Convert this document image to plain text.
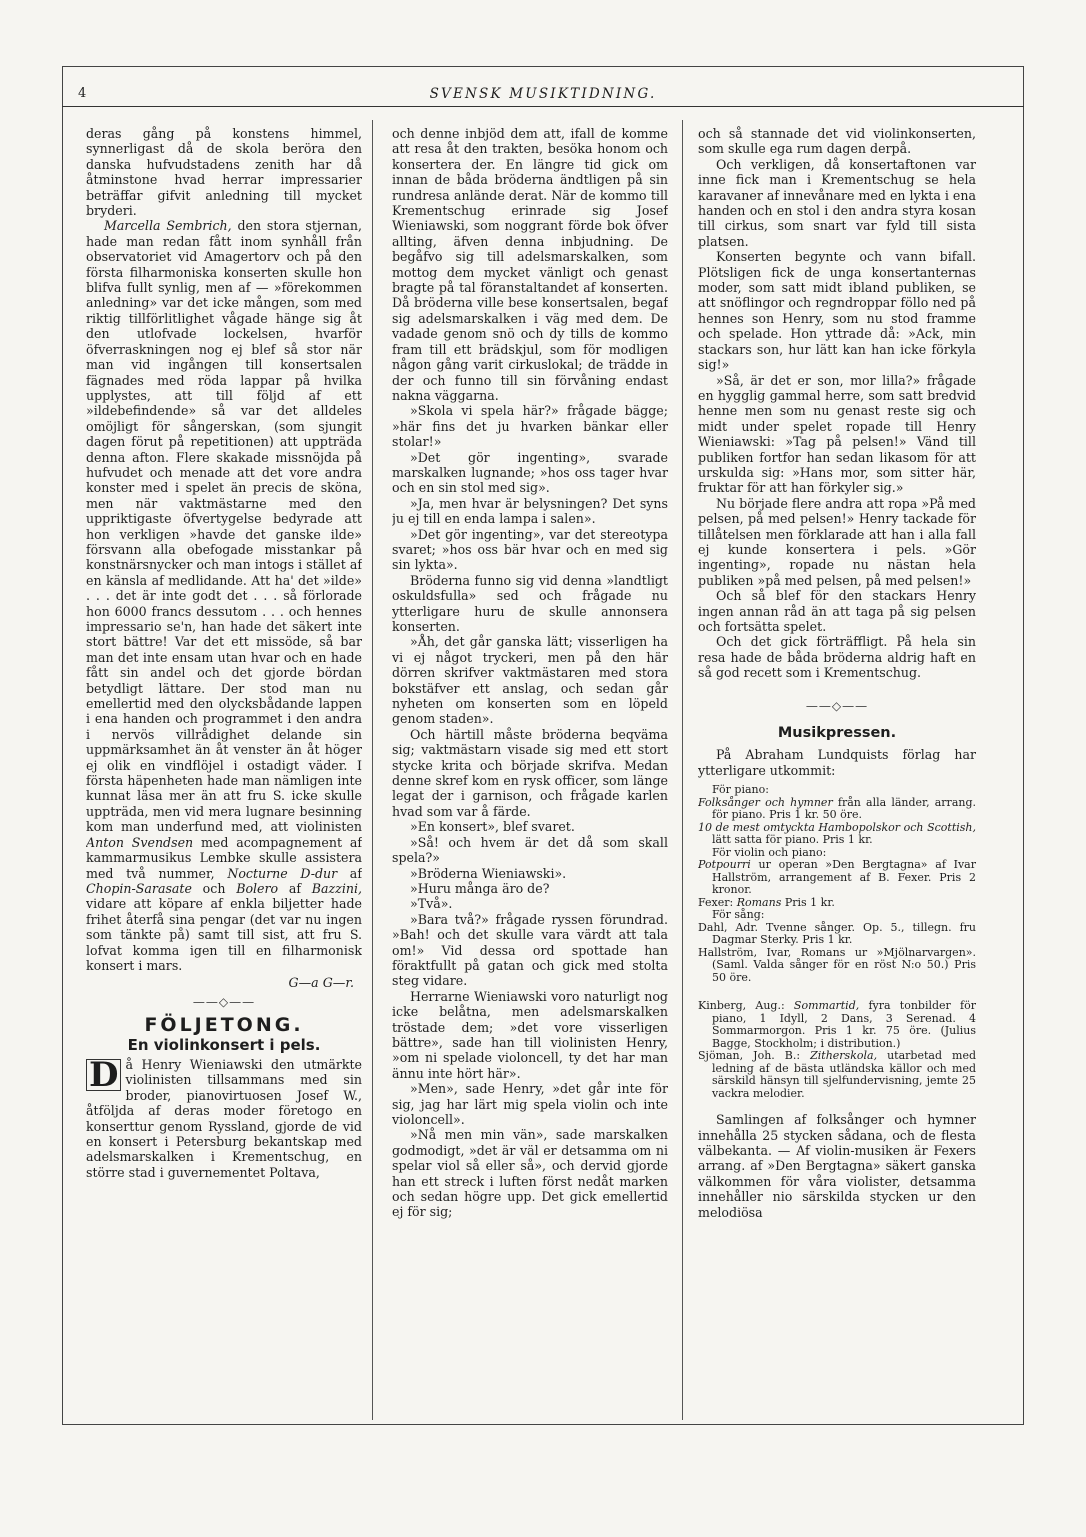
4	SVENSK MUSIKTIDNING.

deras gång på konstens himmel, synnerligast då de skola beröra den danska hufvudstadens zenith har då åtminstone hvad herrar impressarier beträffar gifvit anledning till mycket bryderi.

Marcella Sembrich, den stora stjernan, hade man redan fått inom synhåll från observatoriet vid Amagertorv och på den första filharmoniska konserten skulle hon blifva fullt synlig, men af — »förekommen anledning» var det icke mången, som med riktig tillförlitlighet vågade hänge sig åt den utlofvade lockelsen, hvarför öfverraskningen nog ej blef så stor när man vid ingången till konsertsalen fägnades med röda lappar på hvilka upplystes, att till följd af ett »ildebefindende» så var det alldeles omöjligt för sångerskan, (som sjungit dagen förut på repetitionen) att uppträda denna afton. Flere skakade missnöjda på hufvudet och menade att det vore andra konster med i spelet än precis de sköna, men när vaktmästarne med den uppriktigaste öfvertygelse bedyrade att hon verkligen »havde det ganske ilde» försvann alla obefogade misstankar på konstnärsnycker och man intogs i stället af en känsla af medlidande. Att ha' det »ilde» . . . det är inte godt det . . . så förlorade hon 6000 francs dessutom . . . och hennes impressario se'n, han hade det säkert inte stort bättre! Var det ett missöde, så bar man det inte ensam utan hvar och en hade fått sin andel och det gjorde bördan betydligt lättare. Der stod man nu emellertid med den olycksbådande lappen i ena handen och programmet i den andra i nervös villrådighet delande sin uppmärksamhet än åt venster än åt höger ej olik en vindflöjel i ostadigt väder. I första häpenheten hade man nämligen inte kunnat läsa mer än att fru S. icke skulle uppträda, men vid mera lugnare besinning kom man underfund med, att violinisten Anton Svendsen med acompagnement af kammarmusikus Lembke skulle assistera med två nummer, Nocturne D-dur af Chopin-Sarasate och Bolero af Bazzini, vidare att köpare af enkla biljetter hade frihet återfå sina pengar (det var nu ingen som tänkte på) samt till sist, att fru S. lofvat komma igen till en filharmonisk konsert i mars.

G—a G—r.
——◇——
FÖLJETONG.
En violinkonsert i pels.

D å Henry Wieniawski den utmärkte violinisten tillsammans med sin broder, pianovirtuosen Josef W., åtföljda af deras moder företogo en konserttur genom Ryssland, gjorde de vid en konsert i Petersburg bekantskap med adelsmarskalken i Krementschug, en större stad i guvernementet Poltava,

och denne inbjöd dem att, ifall de komme att resa åt den trakten, besöka honom och konsertera der. En längre tid gick om innan de båda bröderna ändtligen på sin rundresa anlände derat. När de kommo till Krementschug erinrade sig Josef Wieniawski, som noggrant förde bok öfver allting, äfven denna inbjudning. De begåfvo sig till adelsmarskalken, som mottog dem mycket vänligt och genast bragte på tal föranstaltandet af konserten. Då bröderna ville bese konsertsalen, begaf sig adelsmarskalken i väg med dem. De vadade genom snö och dy tills de kommo fram till ett brädskjul, som för modligen någon gång varit cirkuslokal; de trädde in der och funno till sin förvåning endast nakna väggarna.

»Skola vi spela här?» frågade bägge; »här fins det ju hvarken bänkar eller stolar!»

»Det gör ingenting», svarade marskalken lugnande; »hos oss tager hvar och en sin stol med sig».

»Ja, men hvar är belysningen? Det syns ju ej till en enda lampa i salen».

»Det gör ingenting», var det stereotypa svaret; »hos oss bär hvar och en med sig sin lykta».

Bröderna funno sig vid denna »landtligt oskuldsfulla» sed och frågade nu ytterligare huru de skulle annonsera konserten.

»Åh, det går ganska lätt; visserligen ha vi ej något tryckeri, men på den här dörren skrifver vaktmästaren med stora bokstäfver ett anslag, och sedan går nyheten om konserten som en löpeld genom staden».

Och härtill måste bröderna beqväma sig; vaktmästarn visade sig med ett stort stycke krita och började skrifva. Medan denne skref kom en rysk officer, som länge legat der i garnison, och frågade karlen hvad som var å färde.

»En konsert», blef svaret.

»Så! och hvem är det då som skall spela?»

»Bröderna Wieniawski».

»Huru många äro de?

»Två».

»Bara två?» frågade ryssen förundrad. »Bah! och det skulle vara värdt att tala om!» Vid dessa ord spottade han föraktfullt på gatan och gick med stolta steg vidare.

Herrarne Wieniawski voro naturligt nog icke belåtna, men adelsmarskalken tröstade dem; »det vore visserligen bättre», sade han till violinisten Henry, »om ni spelade violoncell, ty det har man ännu inte hört här».

»Men», sade Henry, »det går inte för sig, jag har lärt mig spela violin och inte violoncell».

»Nå men min vän», sade marskalken godmodigt, »det är väl er detsamma om ni spelar viol så eller så», och dervid gjorde han ett streck i luften först nedåt marken och sedan högre upp. Det gick emellertid ej för sig;

och så stannade det vid violinkonserten, som skulle ega rum dagen derpå.

Och verkligen, då konsertaftonen var inne fick man i Krementschug se hela karavaner af innevånare med en lykta i ena handen och en stol i den andra styra kosan till cirkus, som snart var fyld till sista platsen.

Konserten begynte och vann bifall. Plötsligen fick de unga konsertanternas moder, som satt midt ibland publiken, se att snöflingor och regndroppar föllo ned på hennes son Henry, som nu stod framme och spelade. Hon yttrade då: »Ack, min stackars son, hur lätt kan han icke förkyla sig!»

»Så, är det er son, mor lilla?» frågade en hygglig gammal herre, som satt bredvid henne men som nu genast reste sig och midt under spelet ropade till Henry Wieniawski: »Tag på pelsen!» Vänd till publiken fortfor han sedan likasom för att urskulda sig: »Hans mor, som sitter här, fruktar för att han förkyler sig.»

Nu började flere andra att ropa »På med pelsen, på med pelsen!» Henry tackade för tillåtelsen men förklarade att han i alla fall ej kunde konsertera i pels. »Gör ingenting», ropade nu nästan hela publiken »på med pelsen, på med pelsen!»

Och så blef för den stackars Henry ingen annan råd än att taga på sig pelsen och fortsätta spelet.

Och det gick förträffligt. På hela sin resa hade de båda bröderna aldrig haft en så god recett som i Krementschug.

——◇——
Musikpressen.

På Abraham Lundquists förlag har ytterligare utkommit:

För piano:

Folksånger och hymner från alla länder, arrang. för piano. Pris 1 kr. 50 öre.

10 de mest omtyckta Hambopolskor och Scottish, lätt satta för piano. Pris 1 kr.

För violin och piano:

Potpourri ur operan »Den Bergtagna» af Ivar Hallström, arrangement af B. Fexer. Pris 2 kronor.

Fexer: Romans Pris 1 kr.

För sång:

Dahl, Adr. Tvenne sånger. Op. 5., tillegn. fru Dagmar Sterky. Pris 1 kr.

Hallström, Ivar, Romans ur »Mjölnarvargen». (Saml. Valda sånger för en röst N:o 50.) Pris 50 öre.

Kinberg, Aug.: Sommartid, fyra tonbilder för piano, 1 Idyll, 2 Dans, 3 Serenad. 4 Sommarmorgon. Pris 1 kr. 75 öre. (Julius Bagge, Stockholm; i distribution.)

Sjöman, Joh. B.: Zitherskola, utarbetad med ledning af de bästa utländska källor och med särskild hänsyn till sjelfundervisning, jemte 25 vackra melodier.

Samlingen af folksånger och hymner innehålla 25 stycken sådana, och de flesta välbekanta. — Af violin-musiken är Fexers arrang. af »Den Bergtagna» säkert ganska välkommen för våra violister, detsamma innehåller nio särskilda stycken ur den melodiösa
